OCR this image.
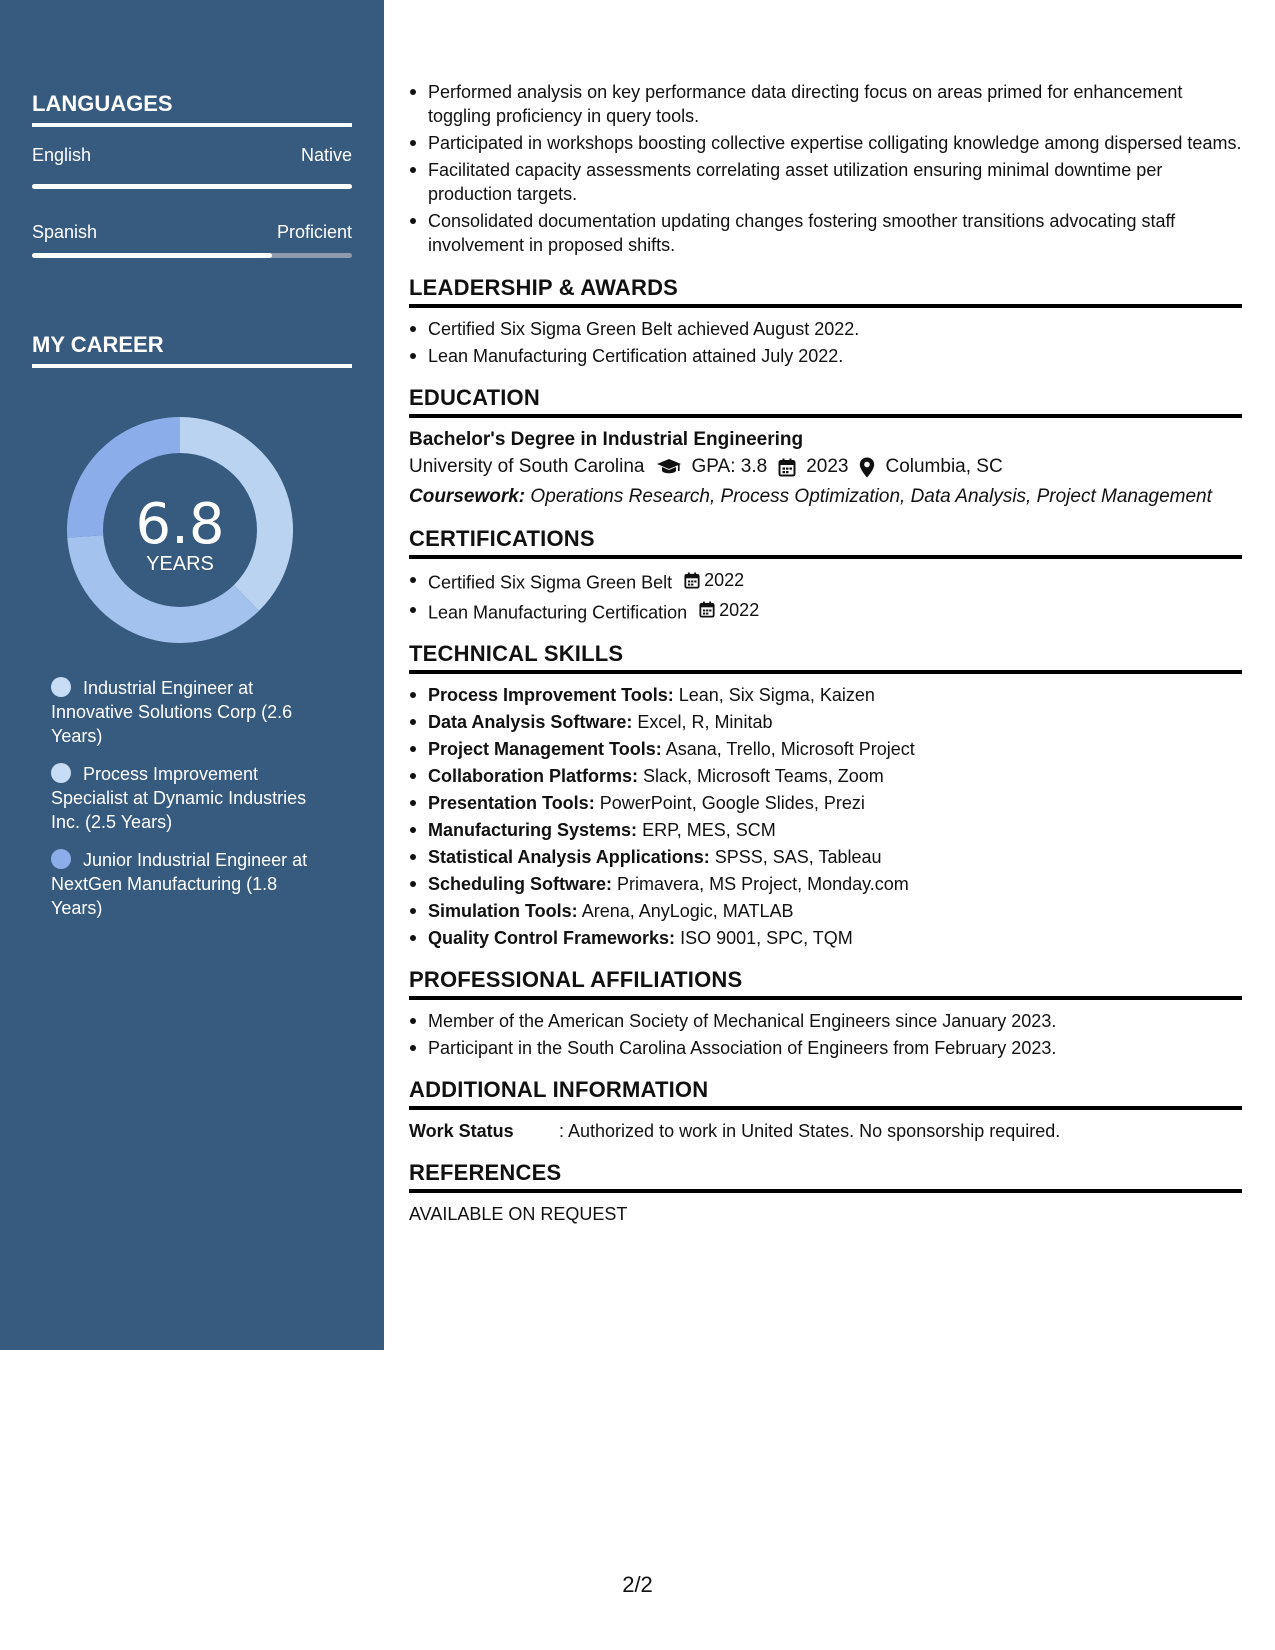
LANGUAGES
English	Native
Spanish	Proficient
MY CAREER
6.8
YEARS
Industrial Engineer at Innovative Solutions Corp (2.6 Years)
Process Improvement Specialist at Dynamic Industries Inc. (2.5 Years)
Junior Industrial Engineer at NextGen Manufacturing (1.8 Years)
Performed analysis on key performance data directing focus on areas primed for enhancement toggling proficiency in query tools.
Participated in workshops boosting collective expertise colligating knowledge among dispersed teams.
Facilitated capacity assessments correlating asset utilization ensuring minimal downtime per production targets.
Consolidated documentation updating changes fostering smoother transitions advocating staff involvement in proposed shifts.
LEADERSHIP & AWARDS
Certified Six Sigma Green Belt achieved August 2022.
Lean Manufacturing Certification attained July 2022.
EDUCATION
Bachelor's Degree in Industrial Engineering
University of South Carolina GPA: 3.8 2023 Columbia, SC
Coursework: Operations Research, Process Optimization, Data Analysis, Project Management
CERTIFICATIONS
Certified Six Sigma Green Belt 2022
Lean Manufacturing Certification 2022
TECHNICAL SKILLS
Process Improvement Tools: Lean, Six Sigma, Kaizen
Data Analysis Software: Excel, R, Minitab
Project Management Tools: Asana, Trello, Microsoft Project
Collaboration Platforms: Slack, Microsoft Teams, Zoom
Presentation Tools: PowerPoint, Google Slides, Prezi
Manufacturing Systems: ERP, MES, SCM
Statistical Analysis Applications: SPSS, SAS, Tableau
Scheduling Software: Primavera, MS Project, Monday.com
Simulation Tools: Arena, AnyLogic, MATLAB
Quality Control Frameworks: ISO 9001, SPC, TQM
PROFESSIONAL AFFILIATIONS
Member of the American Society of Mechanical Engineers since January 2023.
Participant in the South Carolina Association of Engineers from February 2023.
ADDITIONAL INFORMATION
Work Status	: Authorized to work in United States. No sponsorship required.
REFERENCES
AVAILABLE ON REQUEST
2/2
